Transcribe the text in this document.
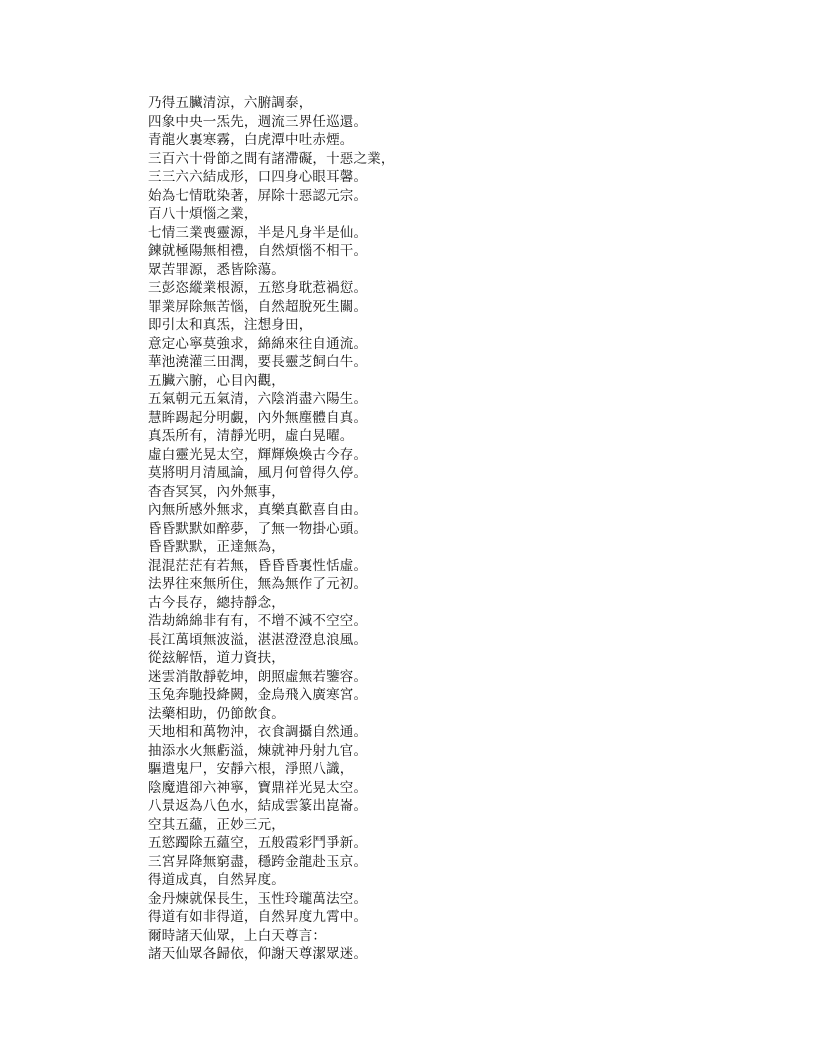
乃得五臟清涼，六腑調泰，
四象中央一炁先，週流三界任巡還。
青龍火裏寒霧，白虎潭中吐赤煙。
三百六十骨節之間有諸滯礙，十惡之業，
三三六六結成形，口四身心眼耳馨。
始為七情耽染著，屏除十惡認元宗。
百八十煩惱之業，
七情三業喪靈源，半是凡身半是仙。
鍊就極陽無相禮，自然煩惱不相干。
眾苦罪源，悉皆除蕩。
三彭恣縱業根源，五慾身耽惹禍愆。
罪業屏除無苦惱，自然超脫死生關。
即引太和真炁，注想身田，
意定心寧莫強求，綿綿來往自通流。
華池澆灌三田潤，要長靈芝飼白牛。
五臟六腑，心目內觀，
五氣朝元五氣清，六陰消盡六陽生。
慧眸踢起分明覷，內外無塵體自真。
真炁所有，清靜光明，虛白晃曜。
虛白靈光晃太空，輝輝煥煥古今存。
莫將明月清風論，風月何曾得久停。
杳杳冥冥，內外無事，
內無所感外無求，真樂真歡喜自由。
昏昏默默如醉夢，了無一物掛心頭。
昏昏默默，正達無為，
混混茫茫有若無，昏昏昏裏性恬虛。
法界往來無所住，無為無作了元初。
古今長存，總持靜念，
浩劫綿綿非有有，不增不減不空空。
長江萬頃無波溢，湛湛澄澄息浪風。
從玆解悟，道力資扶，
迷雲消散靜乾坤，朗照虛無若鑒容。
玉兔奔馳投絳闕，金烏飛入廣寒宮。
法藥相助，仍節飲食。
天地相和萬物沖，衣食調攝自然通。
抽添水火無虧溢，煉就神丹射九官。
驅遣鬼尸，安靜六根，淨照八識，
陰魔遣卻六神寧，寶鼎祥光晃太空。
八景返為八色水，結成雲篆出崑崙。
空其五蘊，正妙三元，
五慾躅除五蘊空，五般霞彩鬥爭新。
三宮昇降無窮盡，穩跨金龍赴玉京。
得道成真，自然昇度。
金丹煉就保長生，玉性玲瓏萬法空。
得道有如非得道，自然昇度九霄中。
爾時諸天仙眾，上白天尊言：
諸天仙眾各歸依，仰謝天尊潔眾迷。
